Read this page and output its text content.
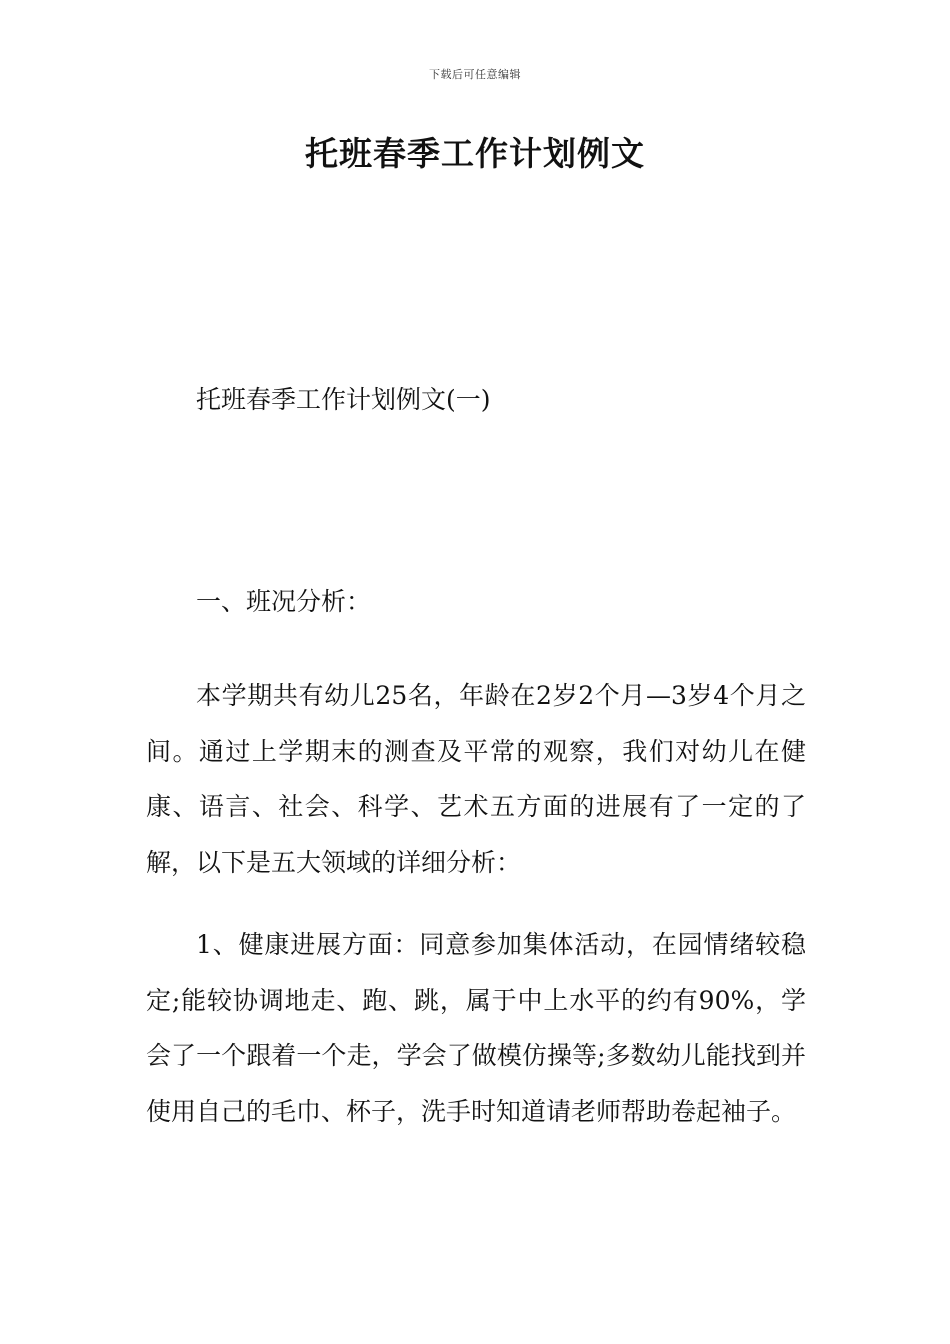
下载后可任意编辑
托班春季工作计划例文
托班春季工作计划例文(一)
一、班况分析：

本学期共有幼儿25名，年龄在2岁2个月—3岁4个月之间。通过上学期末的测查及平常的观察，我们对幼儿在健康、语言、社会、科学、艺术五方面的进展有了一定的了解，以下是五大领域的详细分析：

1、健康进展方面：同意参加集体活动，在园情绪较稳定;能较协调地走、跑、跳，属于中上水平的约有90%，学会了一个跟着一个走，学会了做模仿操等;多数幼儿能找到并使用自己的毛巾、杯子，洗手时知道请老师帮助卷起袖子。
